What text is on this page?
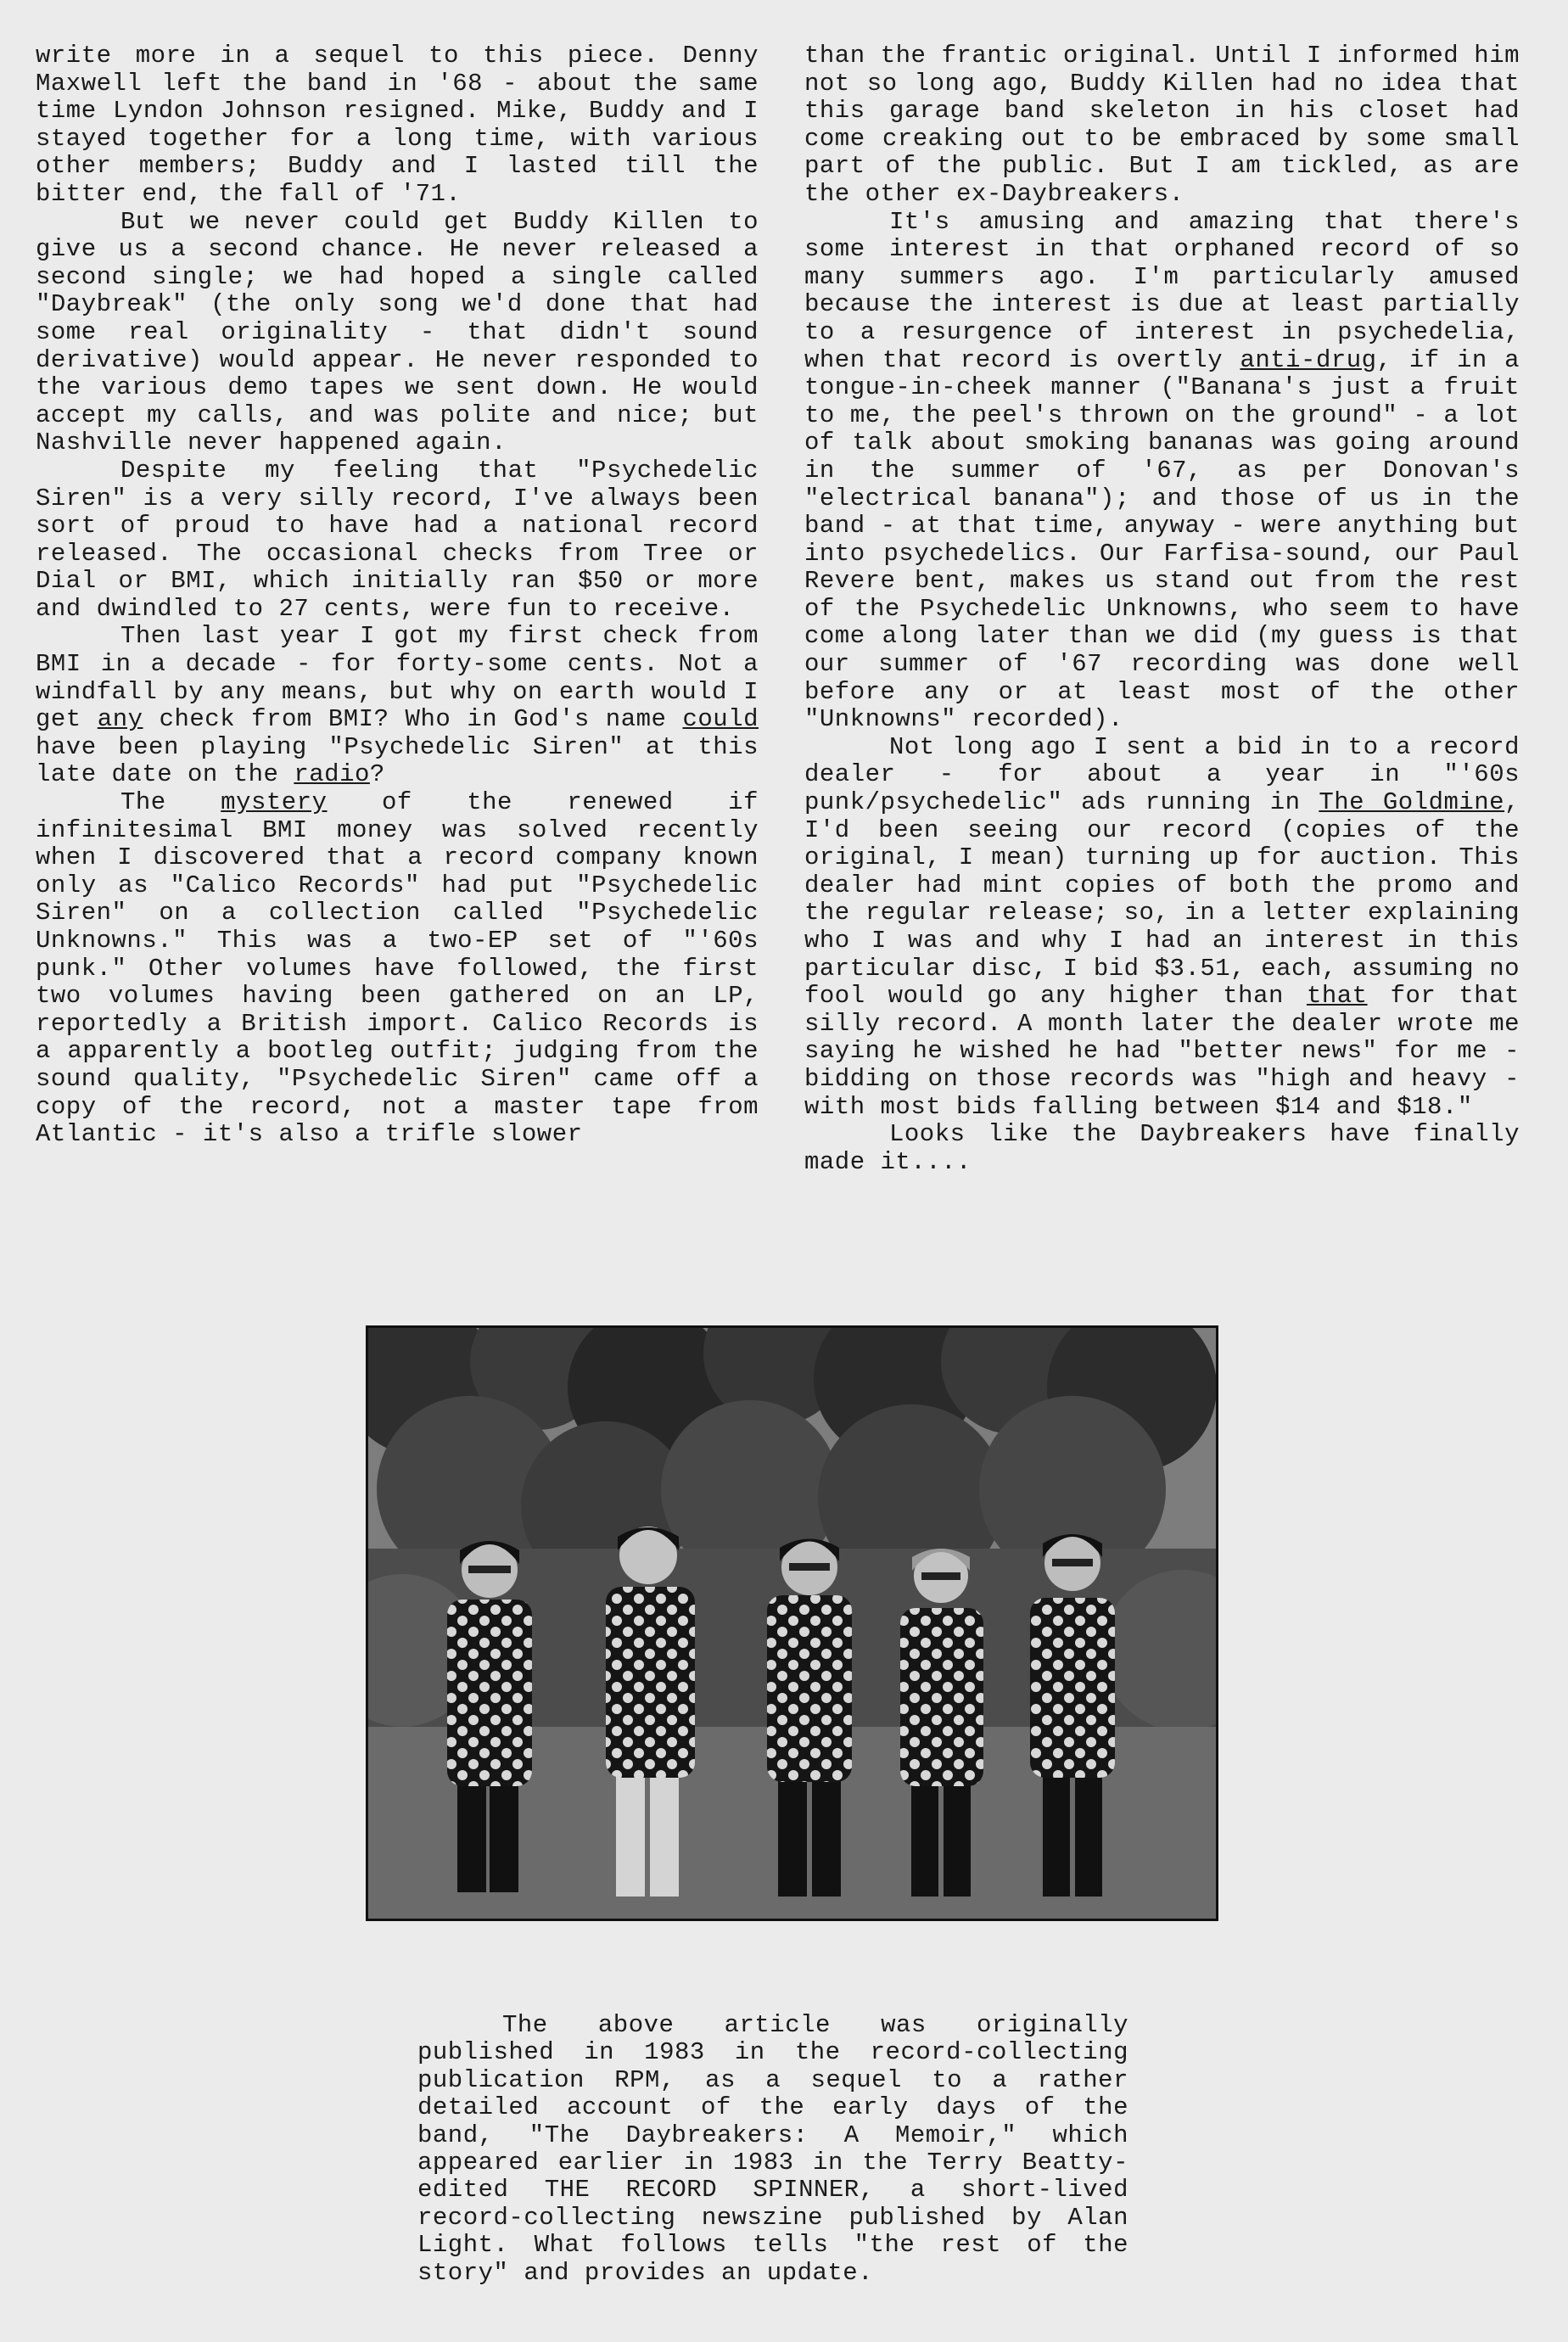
write more in a sequel to this piece. Denny Maxwell left the band in '68 - about the same time Lyndon Johnson resigned. Mike, Buddy and I stayed together for a long time, with various other members; Buddy and I lasted till the bitter end, the fall of '71.

But we never could get Buddy Killen to give us a second chance. He never released a second single; we had hoped a single called "Daybreak" (the only song we'd done that had some real originality - that didn't sound derivative) would appear. He never responded to the various demo tapes we sent down. He would accept my calls, and was polite and nice; but Nashville never happened again.

Despite my feeling that "Psychedelic Siren" is a very silly record, I've always been sort of proud to have had a national record released. The occasional checks from Tree or Dial or BMI, which initially ran $50 or more and dwindled to 27 cents, were fun to receive.

Then last year I got my first check from BMI in a decade - for forty-some cents. Not a windfall by any means, but why on earth would I get any check from BMI? Who in God's name could have been playing "Psychedelic Siren" at this late date on the radio?

The mystery of the renewed if infinitesimal BMI money was solved recently when I discovered that a record company known only as "Calico Records" had put "Psychedelic Siren" on a collection called "Psychedelic Unknowns." This was a two-EP set of "'60s punk." Other volumes have followed, the first two volumes having been gathered on an LP, reportedly a British import. Calico Records is a apparently a bootleg outfit; judging from the sound quality, "Psychedelic Siren" came off a copy of the record, not a master tape from Atlantic - it's also a trifle slower

than the frantic original. Until I informed him not so long ago, Buddy Killen had no idea that this garage band skeleton in his closet had come creaking out to be embraced by some small part of the public. But I am tickled, as are the other ex-Daybreakers.

It's amusing and amazing that there's some interest in that orphaned record of so many summers ago. I'm particularly amused because the interest is due at least partially to a resurgence of interest in psychedelia, when that record is overtly anti-drug, if in a tongue-in-cheek manner ("Banana's just a fruit to me, the peel's thrown on the ground" - a lot of talk about smoking bananas was going around in the summer of '67, as per Donovan's "electrical banana"); and those of us in the band - at that time, anyway - were anything but into psychedelics. Our Farfisa-sound, our Paul Revere bent, makes us stand out from the rest of the Psychedelic Unknowns, who seem to have come along later than we did (my guess is that our summer of '67 recording was done well before any or at least most of the other "Unknowns" recorded).

Not long ago I sent a bid in to a record dealer - for about a year in "'60s punk/psychedelic" ads running in The Goldmine, I'd been seeing our record (copies of the original, I mean) turning up for auction. This dealer had mint copies of both the promo and the regular release; so, in a letter explaining who I was and why I had an interest in this particular disc, I bid $3.51, each, assuming no fool would go any higher than that for that silly record. A month later the dealer wrote me saying he wished he had "better news" for me - bidding on those records was "high and heavy - with most bids falling between $14 and $18."

Looks like the Daybreakers have finally made it....

The above article was originally published in 1983 in the record-collecting publication RPM, as a sequel to a rather detailed account of the early days of the band, "The Daybreakers: A Memoir," which appeared earlier in 1983 in the Terry Beatty-edited THE RECORD SPINNER, a short-lived record-collecting newszine published by Alan Light. What follows tells "the rest of the story" and provides an update.
